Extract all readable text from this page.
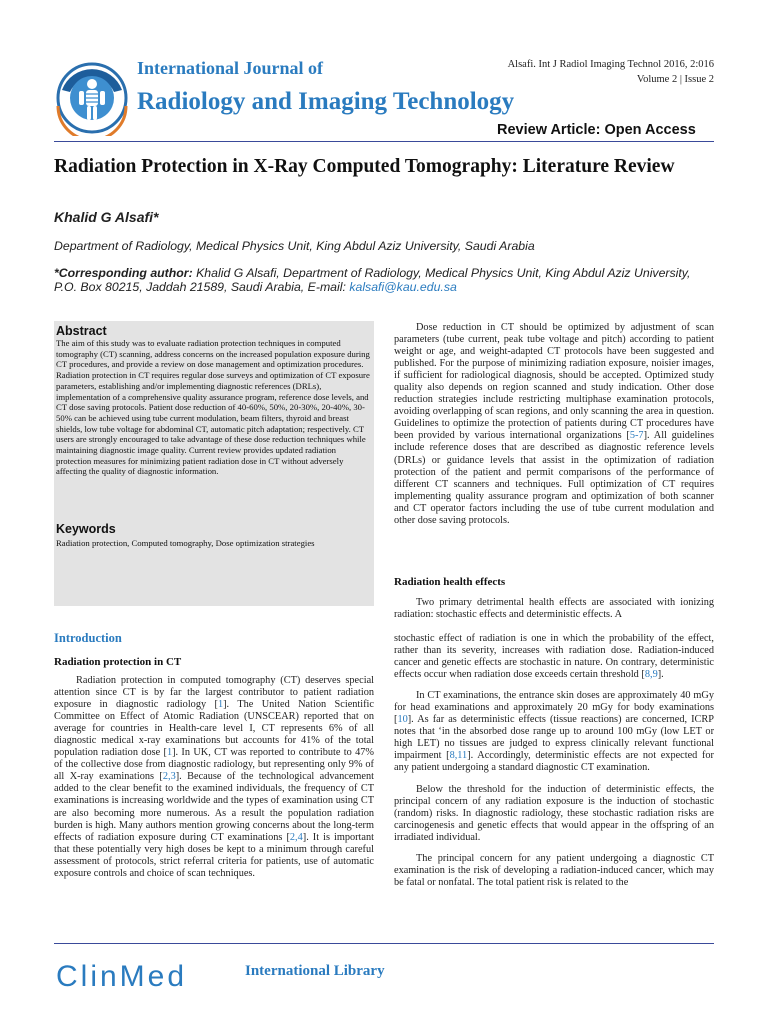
International Journal of
Radiology and Imaging Technology
Alsafi. Int J Radiol Imaging Technol 2016, 2:016
Volume 2 | Issue 2
Review Article: Open Access
Radiation Protection in X-Ray Computed Tomography: Literature Review
Khalid G Alsafi*
Department of Radiology, Medical Physics Unit, King Abdul Aziz University, Saudi Arabia
*Corresponding author: Khalid G Alsafi, Department of Radiology, Medical Physics Unit, King Abdul Aziz University,
P.O. Box 80215, Jaddah 21589, Saudi Arabia, E-mail: kalsafi@kau.edu.sa
Abstract
The aim of this study was to evaluate radiation protection techniques in computed tomography (CT) scanning, address concerns on the increased population exposure during CT procedures, and provide a review on dose management and optimization procedures. Radiation protection in CT requires regular dose surveys and optimization of CT exposure parameters, establishing and/or implementing diagnostic references (DRLs), implementation of a comprehensive quality assurance program, reference dose levels, and CT dose saving protocols. Patient dose reduction of 40-60%, 50%, 20-30%, 20-40%, 30-50% can be achieved using tube current modulation, beam filters, thyroid and breast shields, low tube voltage for abdominal CT, automatic pitch adaptation; respectively. CT users are strongly encouraged to take advantage of these dose reduction techniques while maintaining diagnostic image quality. Current review provides updated radiation protection measures for minimizing patient radiation dose in CT without adversely affecting the quality of diagnostic information.
Keywords
Radiation protection, Computed tomography, Dose optimization strategies
Introduction
Radiation protection in CT

Radiation protection in computed tomography (CT) deserves special attention since CT is by far the largest contributor to patient radiation exposure in diagnostic radiology [1]. The United Nation Scientific Committee on Effect of Atomic Radiation (UNSCEAR) reported that on average for countries in Health-care level I, CT represents 6% of all diagnostic medical x-ray examinations but accounts for 41% of the total population radiation dose [1]. In UK, CT was reported to contribute to 47% of the collective dose from diagnostic radiology, but representing only 9% of all X-ray examinations [2,3]. Because of the technological advancement added to the clear benefit to the examined individuals, the frequency of CT examinations is increasing worldwide and the types of examination using CT are also becoming more numerous. As a result the population radiation burden is high. Many authors mention growing concerns about the long-term effects of radiation exposure during CT examinations [2,4]. It is important that these potentially very high doses be kept to a minimum through careful assessment of protocols, strict referral criteria for patients, use of automatic exposure controls and choice of scan techniques.

Dose reduction in CT should be optimized by adjustment of scan parameters (tube current, peak tube voltage and pitch) according to patient weight or age, and weight-adapted CT protocols have been suggested and published. For the purpose of minimizing radiation exposure, noisier images, if sufficient for radiological diagnosis, should be accepted. Optimized study quality also depends on region scanned and study indication. Other dose reduction strategies include restricting multiphase examination protocols, avoiding overlapping of scan regions, and only scanning the area in question. Guidelines to optimize the protection of patients during CT procedures have been provided by various international organizations [5-7]. All guidelines include reference doses that are described as diagnostic reference levels (DRLs) or guidance levels that assist in the optimization of radiation protection of the patient and permit comparisons of the performance of different CT scanners and techniques. Full optimization of CT requires implementing quality assurance program and optimization of both scanner and CT operator factors including the use of tube current modulation and other dose saving protocols.

Radiation health effects

Two primary detrimental health effects are associated with ionizing radiation: stochastic effects and deterministic effects. A

stochastic effect of radiation is one in which the probability of the effect, rather than its severity, increases with radiation dose. Radiation-induced cancer and genetic effects are stochastic in nature. On contrary, deterministic effects occur when radiation dose exceeds certain threshold [8,9].

In CT examinations, the entrance skin doses are approximately 40 mGy for head examinations and approximately 20 mGy for body examinations [10]. As far as deterministic effects (tissue reactions) are concerned, ICRP notes that ‘in the absorbed dose range up to around 100 mGy (low LET or high LET) no tissues are judged to express clinically relevant functional impairment [8,11]. Accordingly, deterministic effects are not expected for any patient undergoing a standard diagnostic CT examination.

Below the threshold for the induction of deterministic effects, the principal concern of any radiation exposure is the induction of stochastic (random) risks. In diagnostic radiology, these stochastic radiation risks are carcinogenesis and genetic effects that would appear in the offspring of an irradiated individual.

The principal concern for any patient undergoing a diagnostic CT examination is the risk of developing a radiation-induced cancer, which may be fatal or nonfatal. The total patient risk is related to the

ClinMed	International Library
